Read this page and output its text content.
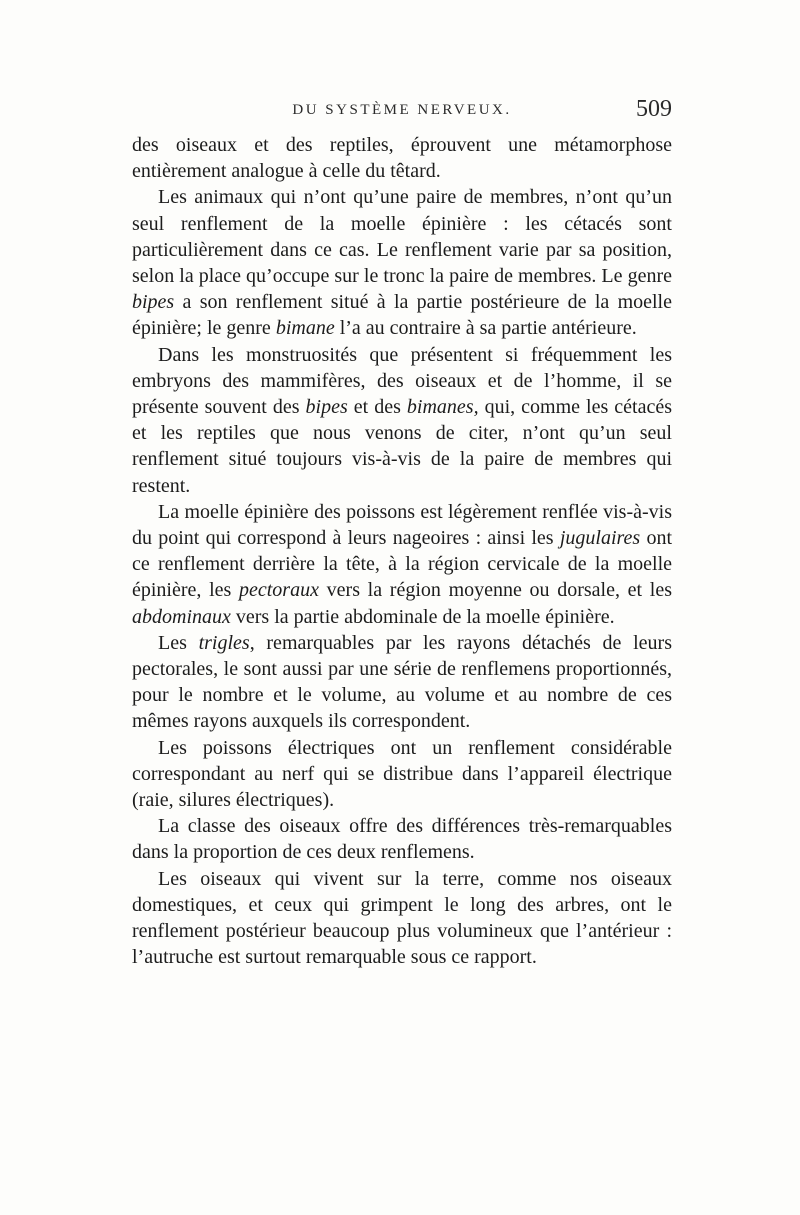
DU SYSTÈME NERVEUX.	509

des oiseaux et des reptiles, éprouvent une métamorphose entièrement analogue à celle du têtard.

Les animaux qui n’ont qu’une paire de membres, n’ont qu’un seul renflement de la moelle épinière : les cétacés sont particulièrement dans ce cas. Le renflement varie par sa position, selon la place qu’occupe sur le tronc la paire de membres. Le genre bipes a son renflement situé à la partie postérieure de la moelle épinière; le genre bimane l’a au contraire à sa partie antérieure.

Dans les monstruosités que présentent si fréquemment les embryons des mammifères, des oiseaux et de l’homme, il se présente souvent des bipes et des bimanes, qui, comme les cétacés et les reptiles que nous venons de citer, n’ont qu’un seul renflement situé toujours vis-à-vis de la paire de membres qui restent.

La moelle épinière des poissons est légèrement renflée vis-à-vis du point qui correspond à leurs nageoires : ainsi les jugulaires ont ce renflement derrière la tête, à la région cervicale de la moelle épinière, les pectoraux vers la région moyenne ou dorsale, et les abdominaux vers la partie abdominale de la moelle épinière.

Les trigles, remarquables par les rayons détachés de leurs pectorales, le sont aussi par une série de renflemens proportionnés, pour le nombre et le volume, au volume et au nombre de ces mêmes rayons auxquels ils correspondent.

Les poissons électriques ont un renflement considérable correspondant au nerf qui se distribue dans l’appareil électrique (raie, silures électriques).

La classe des oiseaux offre des différences très-remarquables dans la proportion de ces deux renflemens.

Les oiseaux qui vivent sur la terre, comme nos oiseaux domestiques, et ceux qui grimpent le long des arbres, ont le renflement postérieur beaucoup plus volumineux que l’antérieur : l’autruche est surtout remarquable sous ce rapport.
